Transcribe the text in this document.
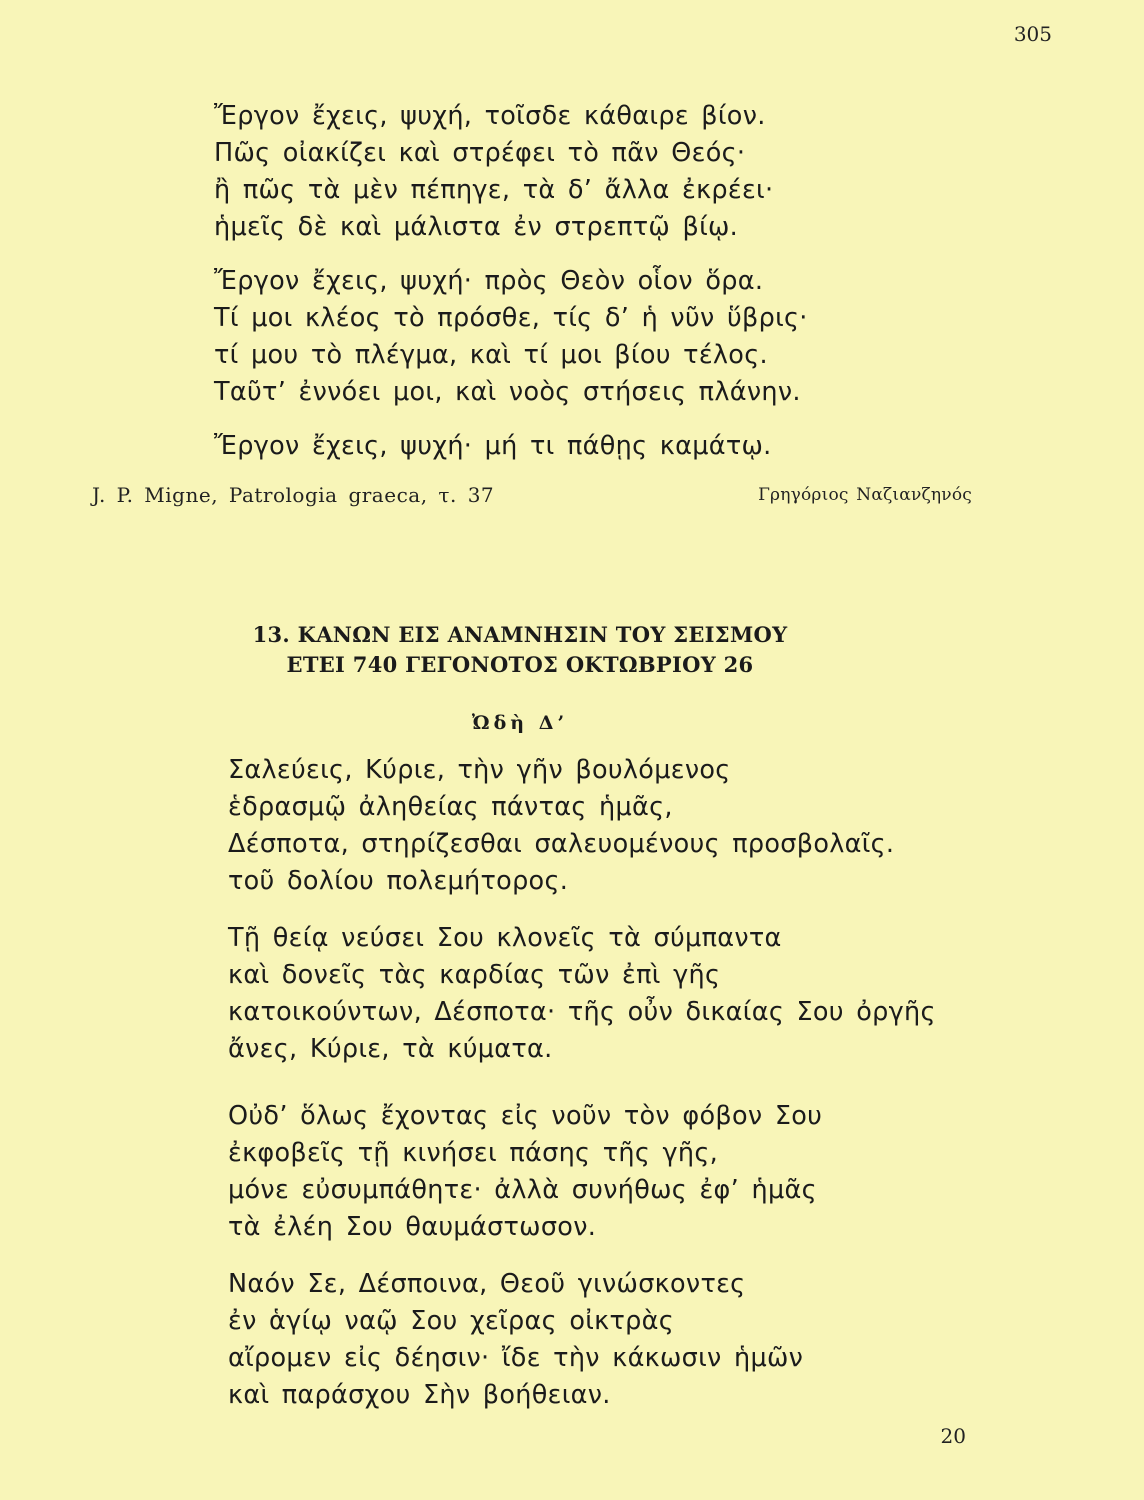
305
Ἔργον ἔχεις, ψυχή, τοῖσδε κάθαιρε βίον.
Πῶς οἰακίζει καὶ στρέφει τὸ πᾶν Θεός·
ἢ πῶς τὰ μὲν πέπηγε, τὰ δ’ ἄλλα ἐκρέει·
ἡμεῖς δὲ καὶ μάλιστα ἐν στρεπτῷ βίῳ.
Ἔργον ἔχεις, ψυχή· πρὸς Θεὸν οἷον ὅρα.
Τί μοι κλέος τὸ πρόσθε, τίς δ’ ἡ νῦν ὕβρις·
τί μου τὸ πλέγμα, καὶ τί μοι βίου τέλος.
Ταῦτ’ ἐννόει μοι, καὶ νοὸς στήσεις πλάνην.
Ἔργον ἔχεις, ψυχή· μή τι πάθῃς καμάτῳ.
J. P. Migne, Patrologia graeca, τ. 37	Γρηγόριος Ναζιανζηνός
13. ΚΑΝΩΝ ΕΙΣ ΑΝΑΜΝΗΣΙΝ ΤΟΥ ΣΕΙΣΜΟΥ
ΕΤΕΙ 740 ΓΕΓΟΝΟΤΟΣ ΟΚΤΩΒΡΙΟΥ 26
Ὠδὴ Δ’
Σαλεύεις, Κύριε, τὴν γῆν βουλόμενος
ἑδρασμῷ ἀληθείας πάντας ἡμᾶς,
Δέσποτα, στηρίζεσθαι σαλευομένους προσβολαῖς.
τοῦ δολίου πολεμήτορος.
Τῇ θείᾳ νεύσει Σου κλονεῖς τὰ σύμπαντα
καὶ δονεῖς τὰς καρδίας τῶν ἐπὶ γῆς
κατοικούντων, Δέσποτα· τῆς οὖν δικαίας Σου ὀργῆς
ἄνες, Κύριε, τὰ κύματα.
Οὐδ’ ὅλως ἔχοντας εἰς νοῦν τὸν φόβον Σου
ἐκφοβεῖς τῇ κινήσει πάσης τῆς γῆς,
μόνε εὐσυμπάθητε· ἀλλὰ συνήθως ἐφ’ ἡμᾶς
τὰ ἐλέη Σου θαυμάστωσον.
Ναόν Σε, Δέσποινα, Θεοῦ γινώσκοντες
ἐν ἁγίῳ ναῷ Σου χεῖρας οἰκτρὰς
αἴρομεν εἰς δέησιν· ἴδε τὴν κάκωσιν ἡμῶν
καὶ παράσχου Σὴν βοήθειαν.
20
